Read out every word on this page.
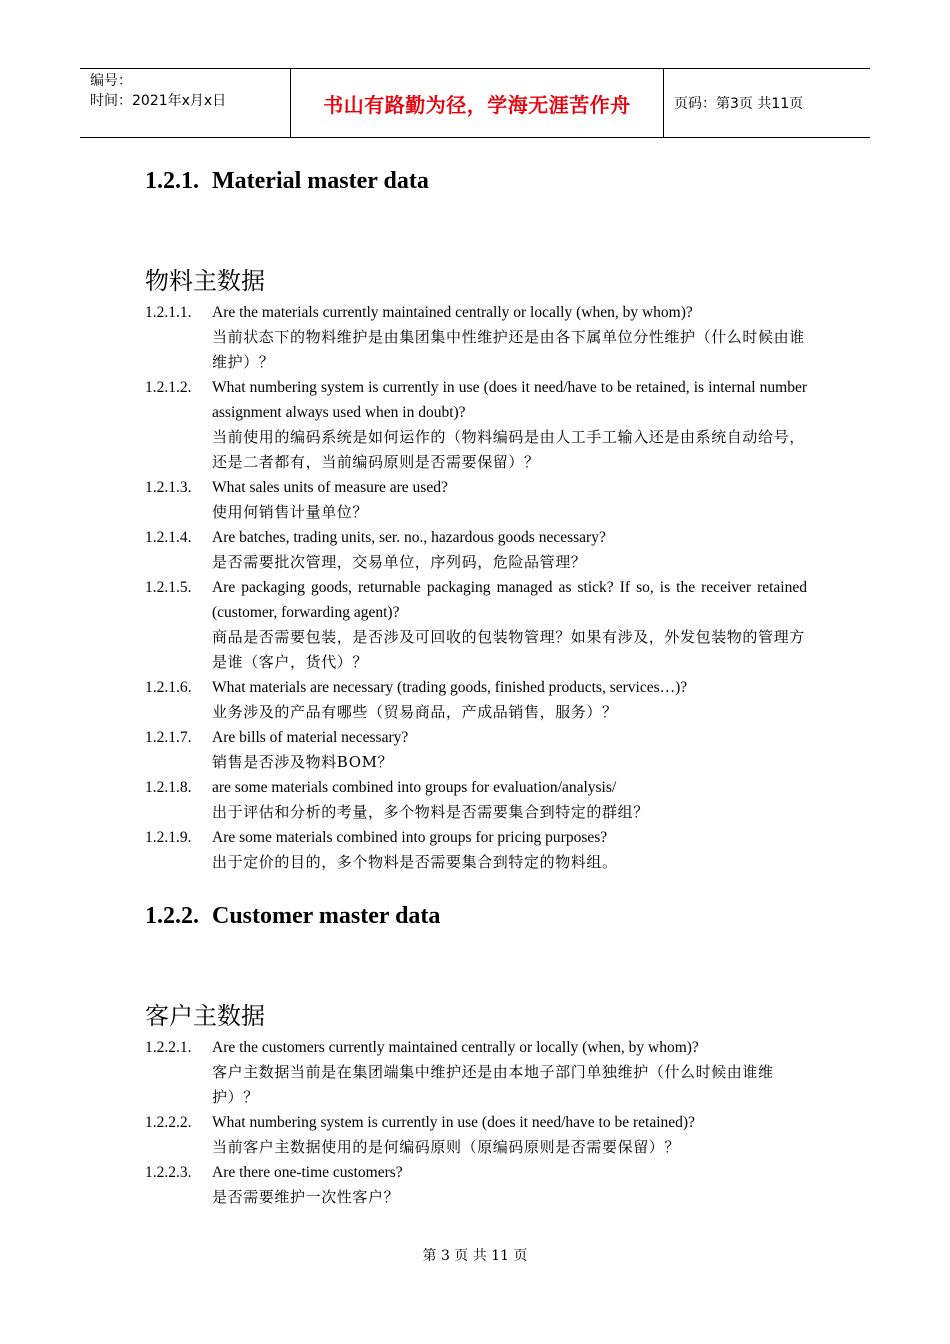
编号：
时间：2021年x月x日	书山有路勤为径，学海无涯苦作舟	页码：第3页 共11页
1.2.1. Material master data
物料主数据
1.2.1.1.	Are the materials currently maintained centrally or locally (when, by whom)?
当前状态下的物料维护是由集团集中性维护还是由各下属单位分性维护（什么时候由谁维护）？
1.2.1.2.	What numbering system is currently in use (does it need/have to be retained, is internal number assignment always used when in doubt)?
当前使用的编码系统是如何运作的（物料编码是由人工手工输入还是由系统自动给号，还是二者都有，当前编码原则是否需要保留）？
1.2.1.3.	What sales units of measure are used?
使用何销售计量单位？
1.2.1.4.	Are batches, trading units, ser. no., hazardous goods necessary?
是否需要批次管理，交易单位，序列码，危险品管理？
1.2.1.5.	Are packaging goods, returnable packaging managed as stick? If so, is the receiver retained (customer, forwarding agent)?
商品是否需要包装，是否涉及可回收的包装物管理？如果有涉及，外发包装物的管理方是谁（客户，货代）？
1.2.1.6.	What materials are necessary (trading goods, finished products, services…)?
业务涉及的产品有哪些（贸易商品，产成品销售，服务）？
1.2.1.7.	Are bills of material necessary?
销售是否涉及物料BOM？
1.2.1.8.	are some materials combined into groups for evaluation/analysis/
出于评估和分析的考量，多个物料是否需要集合到特定的群组？
1.2.1.9.	Are some materials combined into groups for pricing purposes?
出于定价的目的，多个物料是否需要集合到特定的物料组。
1.2.2. Customer master data
客户主数据
1.2.2.1.	Are the customers currently maintained centrally or locally (when, by whom)?
客户主数据当前是在集团端集中维护还是由本地子部门单独维护（什么时候由谁维护）？
1.2.2.2.	What numbering system is currently in use (does it need/have to be retained)?
当前客户主数据使用的是何编码原则（原编码原则是否需要保留）？
1.2.2.3.	Are there one-time customers?
是否需要维护一次性客户？
第 3 页 共 11 页
